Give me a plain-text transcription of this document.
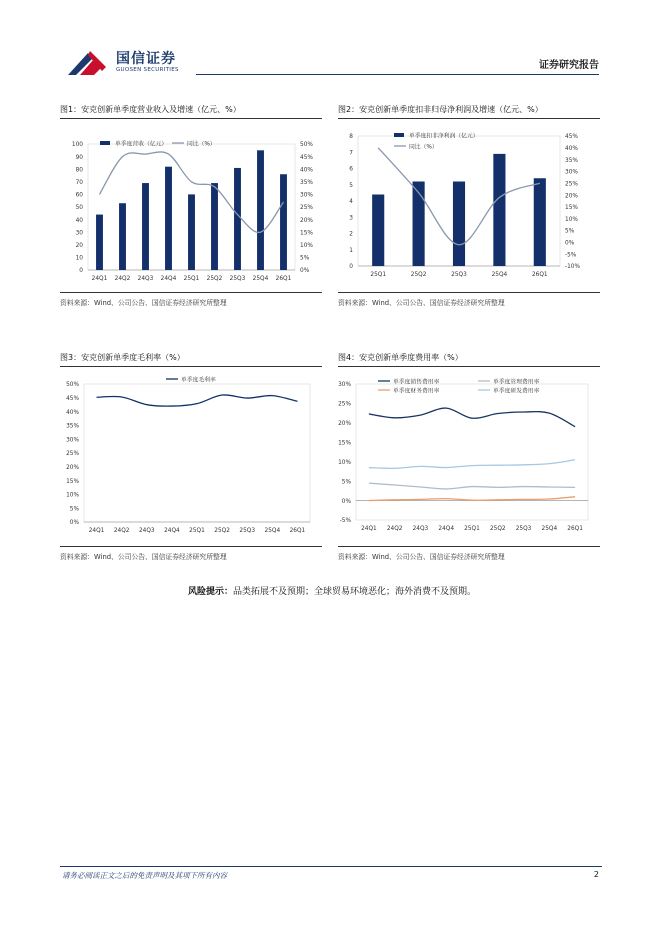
国信证券
GUOSEN SECURITIES	证券研究报告
图1：安克创新单季度营业收入及增速（亿元、%）
0
10
20
30
40
50
60
70
80
90
100
0%
5%
10%
15%
20%
25%
30%
35%
40%
45%
50%
24Q1 24Q2 24Q3 24Q4 25Q1 25Q2 25Q3 25Q4 26Q1
单季度营收（亿元）	同比（%）
资料来源：Wind、公司公告、国信证券经济研究所整理
图2：安克创新单季度扣非归母净利润及增速（亿元、%）
0
1
2
3
4
5
6
7
8
-10%
-5%
0%
5%
10%
15%
20%
25%
30%
35%
40%
45%
25Q1	25Q2	25Q3	25Q4	26Q1
单季度扣非净利润（亿元）
同比（%）
资料来源：Wind、公司公告、国信证券经济研究所整理
图3：安克创新单季度毛利率（%）
0%
5%
10%
15%
20%
25%
30%
35%
40%
45%
50%
24Q1 24Q2 24Q3 24Q4 25Q1 25Q2 25Q3 25Q4 26Q1
单季度毛利率
资料来源：Wind、公司公告、国信证券经济研究所整理
图4：安克创新单季度费用率（%）
-5%
0%
5%
10%
15%
20%
25%
30%
24Q1 24Q2 24Q3 24Q4 25Q1 25Q2 25Q3 25Q4 26Q1
单季度销售费用率	单季度管理费用率
单季度财务费用率	单季度研发费用率
资料来源：Wind、公司公告、国信证券经济研究所整理
风险提示：品类拓展不及预期；全球贸易环境恶化；海外消费不及预期。
请务必阅读正文之后的免责声明及其项下所有内容	2
